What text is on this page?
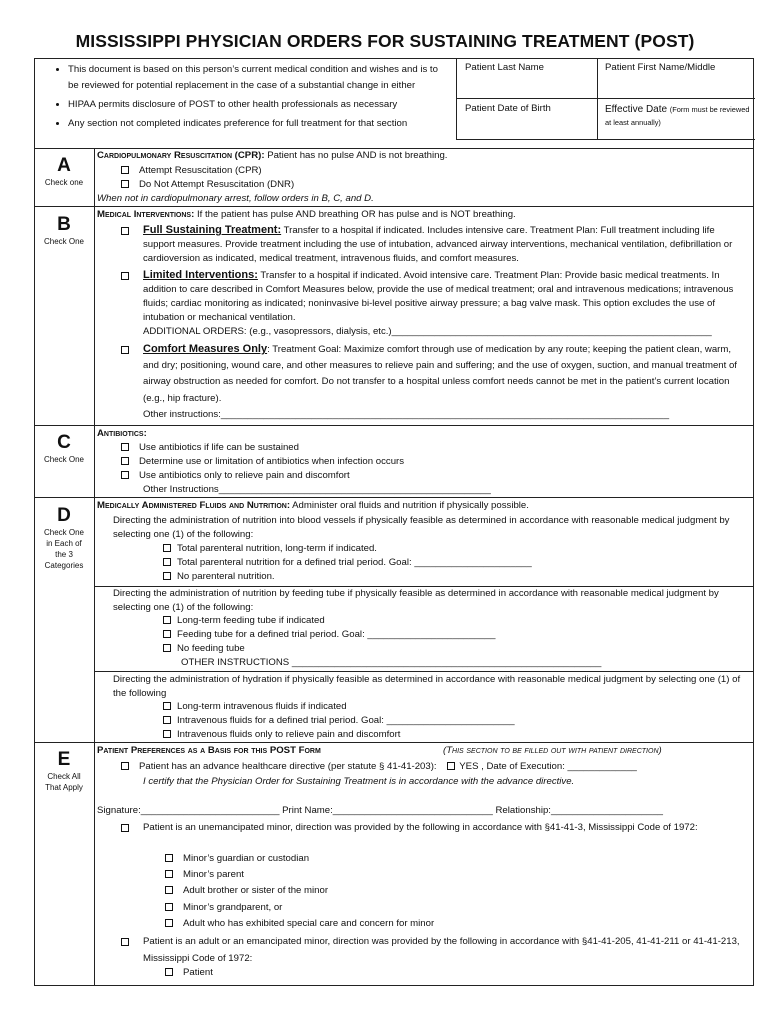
MISSISSIPPI PHYSICIAN ORDERS FOR SUSTAINING TREATMENT (POST)
• This document is based on this person’s current medical condition and wishes and is to be reviewed for potential replacement in the case of a substantial change in either
• HIPAA permits disclosure of POST to other health professionals as necessary
• Any section not completed indicates preference for full treatment for that section
Patient Last Name	Patient First Name/Middle
Patient Date of Birth	Effective Date (Form must be reviewed at least annually)
A
Check one
Cardiopulmonary Resuscitation (CPR): Patient has no pulse AND is not breathing.
Attempt Resuscitation (CPR)
Do Not Attempt Resuscitation (DNR)
When not in cardiopulmonary arrest, follow orders in B, C, and D.
B
Check One
Medical Interventions: If the patient has pulse AND breathing OR has pulse and is NOT breathing.
Full Sustaining Treatment: Transfer to a hospital if indicated. Includes intensive care. Treatment Plan: Full treatment including life support measures. Provide treatment including the use of intubation, advanced airway interventions, mechanical ventilation, defibrillation or cardioversion as indicated, medical treatment, intravenous fluids, and comfort measures.
Limited Interventions: Transfer to a hospital if indicated. Avoid intensive care. Treatment Plan: Provide basic medical treatments. In addition to care described in Comfort Measures below, provide the use of medical treatment; oral and intravenous medications; intravenous fluids; cardiac monitoring as indicated; noninvasive bi-level positive airway pressure; a bag valve mask. This option excludes the use of intubation or mechanical ventilation.
ADDITIONAL ORDERS: (e.g., vasopressors, dialysis, etc.)____________________________________________________________
Comfort Measures Only: Treatment Goal: Maximize comfort through use of medication by any route; keeping the patient clean, warm, and dry; positioning, wound care, and other measures to relieve pain and suffering; and the use of oxygen, suction, and manual treatment of airway obstruction as needed for comfort. Do not transfer to a hospital unless comfort needs cannot be met in the patient’s current location (e.g., hip fracture).
Other instructions:____________________________________________________________________________________
C
Check One
Antibiotics:
Use antibiotics if life can be sustained
Determine use or limitation of antibiotics when infection occurs
Use antibiotics only to relieve pain and discomfort
Other Instructions___________________________________________________
D
Check One in Each of the 3 Categories
Medically Administered Fluids and Nutrition: Administer oral fluids and nutrition if physically possible.
Directing the administration of nutrition into blood vessels if physically feasible as determined in accordance with reasonable medical judgment by selecting one (1) of the following:
Total parenteral nutrition, long-term if indicated.
Total parenteral nutrition for a defined trial period. Goal: ______________________
No parenteral nutrition.
Directing the administration of nutrition by feeding tube if physically feasible as determined in accordance with reasonable medical judgment by selecting one (1) of the following:
Long-term feeding tube if indicated
Feeding tube for a defined trial period. Goal: ________________________
No feeding tube
OTHER INSTRUCTIONS __________________________________________________________
Directing the administration of hydration if physically feasible as determined in accordance with reasonable medical judgment by selecting one (1) of the following
Long-term intravenous fluids if indicated
Intravenous fluids for a defined trial period. Goal: ________________________
Intravenous fluids only to relieve pain and discomfort
E
Check All That Apply
Patient Preferences as a Basis for this POST Form	(This section to be filled out with patient direction)
Patient has an advance healthcare directive (per statute § 41-41-203): YES , Date of Execution: _____________
I certify that the Physician Order for Sustaining Treatment is in accordance with the advance directive.
Signature:__________________________ Print Name:______________________________ Relationship:_____________________
Patient is an unemancipated minor, direction was provided by the following in accordance with §41-41-3, Mississippi Code of 1972:
Minor’s guardian or custodian
Minor’s parent
Adult brother or sister of the minor
Minor’s grandparent, or
Adult who has exhibited special care and concern for minor
Patient is an adult or an emancipated minor, direction was provided by the following in accordance with §41-41-205, 41-41-211 or 41-41-213, Mississippi Code of 1972:
Patient
